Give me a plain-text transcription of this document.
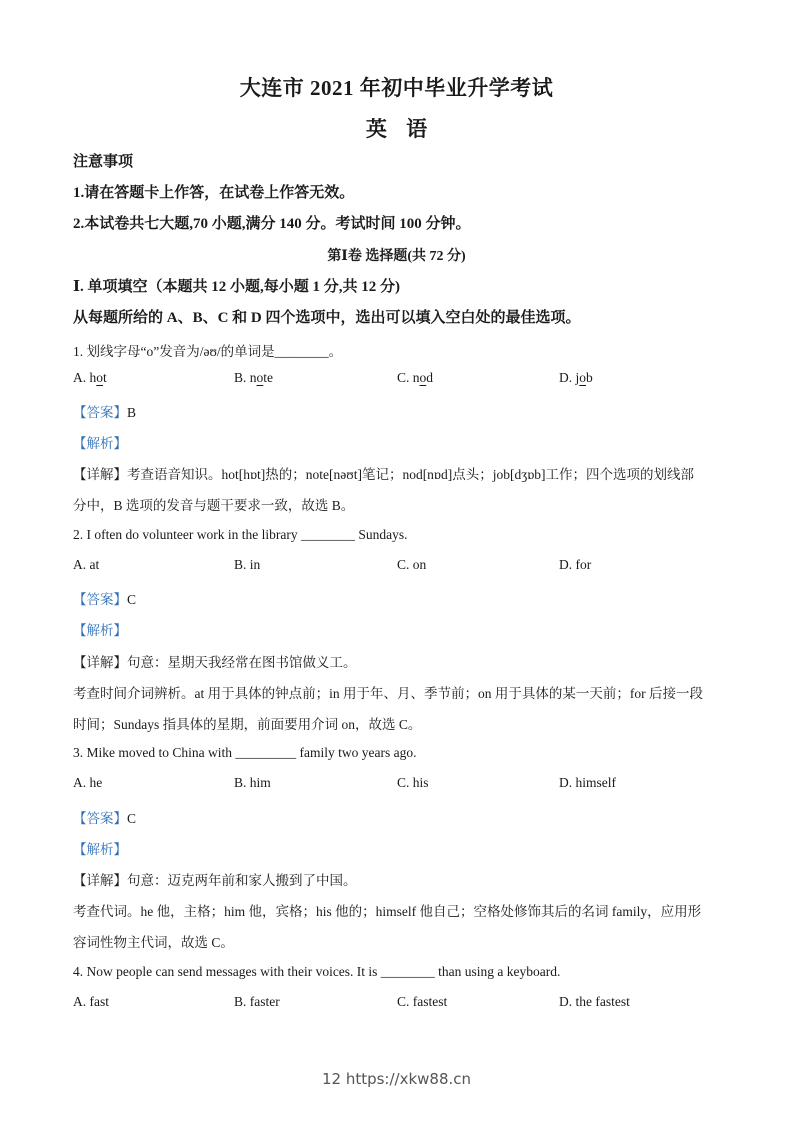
大连市 2021 年初中毕业升学考试
英 语
注意事项
1.请在答题卡上作答，在试卷上作答无效。
2.本试卷共七大题,70 小题,满分 140 分。考试时间 100 分钟。
第Ⅰ卷 选择题(共 72 分)
Ⅰ. 单项填空（本题共 12 小题,每小题 1 分,共 12 分)
从每题所给的 A、B、C 和 D 四个选项中，选出可以填入空白处的最佳选项。
1. 划线字母“o”发音为/əʊ/的单词是________。
A. hot	B. note	C. nod	D. job
【答案】B
【解析】
【详解】考查语音知识。hot[hɒt]热的；note[nəʊt]笔记；nod[nɒd]点头；job[dʒɒb]工作；四个选项的划线部
分中，B 选项的发音与题干要求一致，故选 B。
2. I often do volunteer work in the library ________ Sundays.
A. at	B. in	C. on	D. for
【答案】C
【解析】
【详解】句意：星期天我经常在图书馆做义工。
考查时间介词辨析。at 用于具体的钟点前；in 用于年、月、季节前；on 用于具体的某一天前；for 后接一段
时间；Sundays 指具体的星期，前面要用介词 on，故选 C。
3. Mike moved to China with _________ family two years ago.
A. he	B. him	C. his	D. himself
【答案】C
【解析】
【详解】句意：迈克两年前和家人搬到了中国。
考查代词。he 他，主格；him 他，宾格；his 他的；himself 他自己；空格处修饰其后的名词 family，应用形
容词性物主代词，故选 C。
4. Now people can send messages with their voices. It is ________ than using a keyboard.
A. fast	B. faster	C. fastest	D. the fastest
12 https://xkw88.cn
